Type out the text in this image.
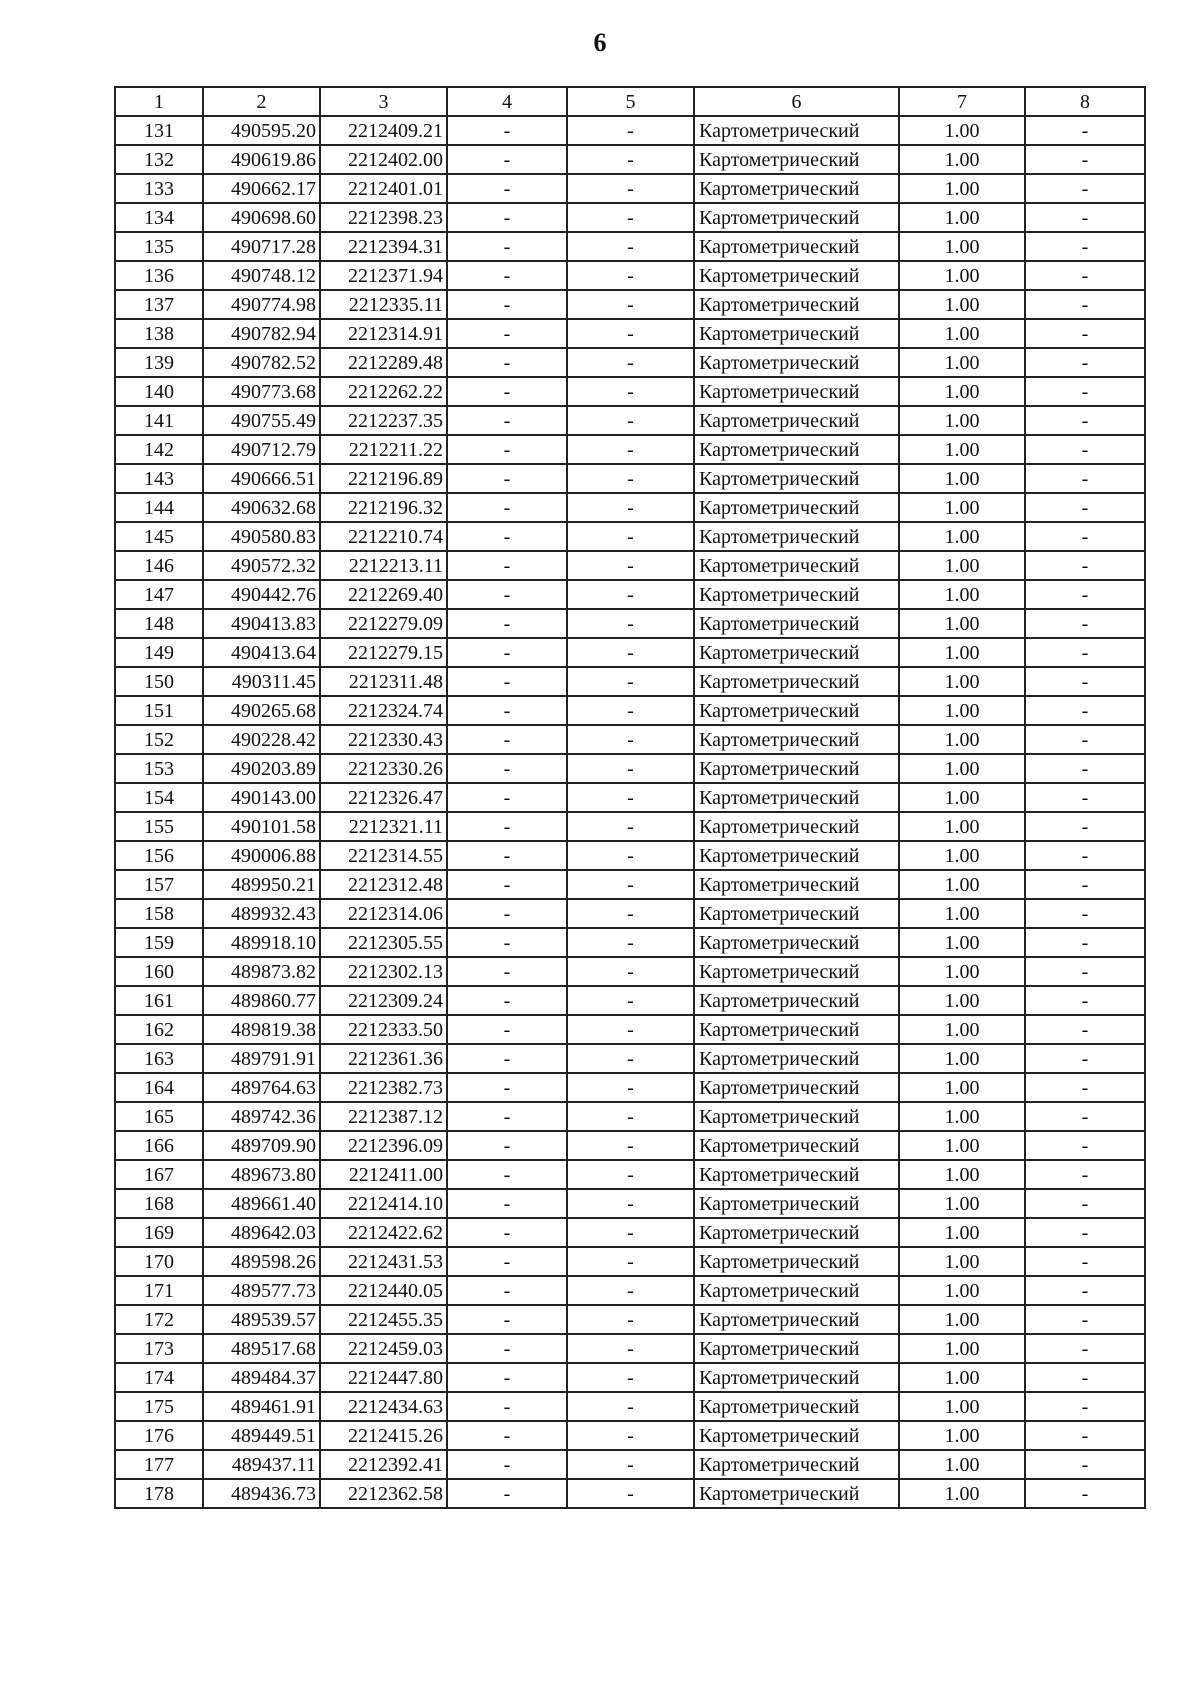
6
1	2	3	4	5	6	7	8
131	490595.20	2212409.21	-	-	Картометрический	1.00	-
132	490619.86	2212402.00	-	-	Картометрический	1.00	-
133	490662.17	2212401.01	-	-	Картометрический	1.00	-
134	490698.60	2212398.23	-	-	Картометрический	1.00	-
135	490717.28	2212394.31	-	-	Картометрический	1.00	-
136	490748.12	2212371.94	-	-	Картометрический	1.00	-
137	490774.98	2212335.11	-	-	Картометрический	1.00	-
138	490782.94	2212314.91	-	-	Картометрический	1.00	-
139	490782.52	2212289.48	-	-	Картометрический	1.00	-
140	490773.68	2212262.22	-	-	Картометрический	1.00	-
141	490755.49	2212237.35	-	-	Картометрический	1.00	-
142	490712.79	2212211.22	-	-	Картометрический	1.00	-
143	490666.51	2212196.89	-	-	Картометрический	1.00	-
144	490632.68	2212196.32	-	-	Картометрический	1.00	-
145	490580.83	2212210.74	-	-	Картометрический	1.00	-
146	490572.32	2212213.11	-	-	Картометрический	1.00	-
147	490442.76	2212269.40	-	-	Картометрический	1.00	-
148	490413.83	2212279.09	-	-	Картометрический	1.00	-
149	490413.64	2212279.15	-	-	Картометрический	1.00	-
150	490311.45	2212311.48	-	-	Картометрический	1.00	-
151	490265.68	2212324.74	-	-	Картометрический	1.00	-
152	490228.42	2212330.43	-	-	Картометрический	1.00	-
153	490203.89	2212330.26	-	-	Картометрический	1.00	-
154	490143.00	2212326.47	-	-	Картометрический	1.00	-
155	490101.58	2212321.11	-	-	Картометрический	1.00	-
156	490006.88	2212314.55	-	-	Картометрический	1.00	-
157	489950.21	2212312.48	-	-	Картометрический	1.00	-
158	489932.43	2212314.06	-	-	Картометрический	1.00	-
159	489918.10	2212305.55	-	-	Картометрический	1.00	-
160	489873.82	2212302.13	-	-	Картометрический	1.00	-
161	489860.77	2212309.24	-	-	Картометрический	1.00	-
162	489819.38	2212333.50	-	-	Картометрический	1.00	-
163	489791.91	2212361.36	-	-	Картометрический	1.00	-
164	489764.63	2212382.73	-	-	Картометрический	1.00	-
165	489742.36	2212387.12	-	-	Картометрический	1.00	-
166	489709.90	2212396.09	-	-	Картометрический	1.00	-
167	489673.80	2212411.00	-	-	Картометрический	1.00	-
168	489661.40	2212414.10	-	-	Картометрический	1.00	-
169	489642.03	2212422.62	-	-	Картометрический	1.00	-
170	489598.26	2212431.53	-	-	Картометрический	1.00	-
171	489577.73	2212440.05	-	-	Картометрический	1.00	-
172	489539.57	2212455.35	-	-	Картометрический	1.00	-
173	489517.68	2212459.03	-	-	Картометрический	1.00	-
174	489484.37	2212447.80	-	-	Картометрический	1.00	-
175	489461.91	2212434.63	-	-	Картометрический	1.00	-
176	489449.51	2212415.26	-	-	Картометрический	1.00	-
177	489437.11	2212392.41	-	-	Картометрический	1.00	-
178	489436.73	2212362.58	-	-	Картометрический	1.00	-
